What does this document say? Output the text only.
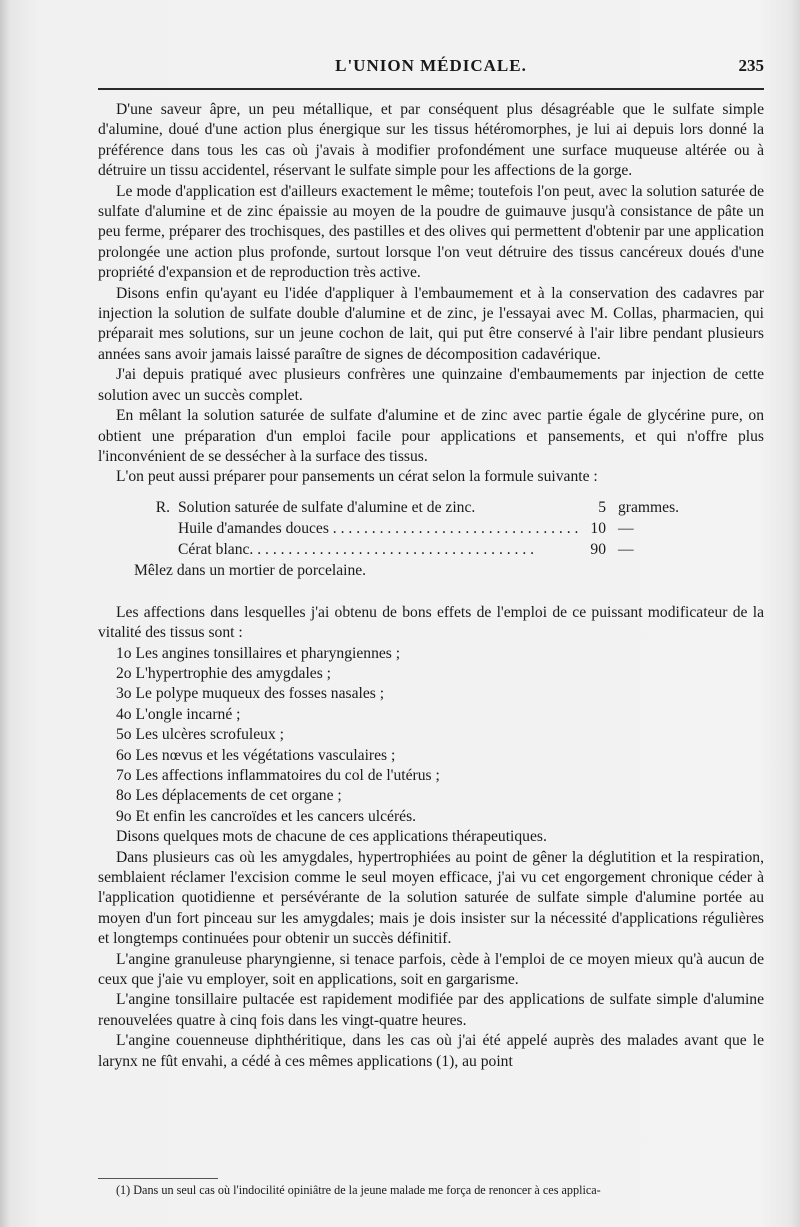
L'UNION MÉDICALE.	235

D'une saveur âpre, un peu métallique, et par conséquent plus désagréable que le sulfate simple d'alumine, doué d'une action plus énergique sur les tissus hétéromorphes, je lui ai depuis lors donné la préférence dans tous les cas où j'avais à modifier profondément une surface muqueuse altérée ou à détruire un tissu accidentel, réservant le sulfate simple pour les affections de la gorge.

Le mode d'application est d'ailleurs exactement le même; toutefois l'on peut, avec la solution saturée de sulfate d'alumine et de zinc épaissie au moyen de la poudre de guimauve jusqu'à consistance de pâte un peu ferme, préparer des trochisques, des pastilles et des olives qui permettent d'obtenir par une application prolongée une action plus profonde, surtout lorsque l'on veut détruire des tissus cancéreux doués d'une propriété d'expansion et de reproduction très active.

Disons enfin qu'ayant eu l'idée d'appliquer à l'embaumement et à la conservation des cadavres par injection la solution de sulfate double d'alumine et de zinc, je l'essayai avec M. Collas, pharmacien, qui préparait mes solutions, sur un jeune cochon de lait, qui put être conservé à l'air libre pendant plusieurs années sans avoir jamais laissé paraître de signes de décomposition cadavérique.

J'ai depuis pratiqué avec plusieurs confrères une quinzaine d'embaumements par injection de cette solution avec un succès complet.

En mêlant la solution saturée de sulfate d'alumine et de zinc avec partie égale de glycérine pure, on obtient une préparation d'un emploi facile pour applications et pansements, et qui n'offre plus l'inconvénient de se dessécher à la surface des tissus.

L'on peut aussi préparer pour pansements un cérat selon la formule suivante :

R. Solution saturée de sulfate d'alumine et de zinc.	5 grammes.
Huile d'amandes douces . . .	10 —
Cérat blanc. . . .	90 —
Mêlez dans un mortier de porcelaine.

Les affections dans lesquelles j'ai obtenu de bons effets de l'emploi de ce puissant modificateur de la vitalité des tissus sont :

1o Les angines tonsillaires et pharyngiennes ;

2o L'hypertrophie des amygdales ;

3o Le polype muqueux des fosses nasales ;

4o L'ongle incarné ;

5o Les ulcères scrofuleux ;

6o Les nœvus et les végétations vasculaires ;

7o Les affections inflammatoires du col de l'utérus ;

8o Les déplacements de cet organe ;

9o Et enfin les cancroïdes et les cancers ulcérés.

Disons quelques mots de chacune de ces applications thérapeutiques.

Dans plusieurs cas où les amygdales, hypertrophiées au point de gêner la déglutition et la respiration, semblaient réclamer l'excision comme le seul moyen efficace, j'ai vu cet engorgement chronique céder à l'application quotidienne et persévérante de la solution saturée de sulfate simple d'alumine portée au moyen d'un fort pinceau sur les amygdales; mais je dois insister sur la nécessité d'applications régulières et longtemps continuées pour obtenir un succès définitif.

L'angine granuleuse pharyngienne, si tenace parfois, cède à l'emploi de ce moyen mieux qu'à aucun de ceux que j'aie vu employer, soit en applications, soit en gargarisme.

L'angine tonsillaire pultacée est rapidement modifiée par des applications de sulfate simple d'alumine renouvelées quatre à cinq fois dans les vingt-quatre heures.

L'angine couenneuse diphthéritique, dans les cas où j'ai été appelé auprès des malades avant que le larynx ne fût envahi, a cédé à ces mêmes applications (1), au point

(1) Dans un seul cas où l'indocilité opiniâtre de la jeune malade me força de renoncer à ces applica-
